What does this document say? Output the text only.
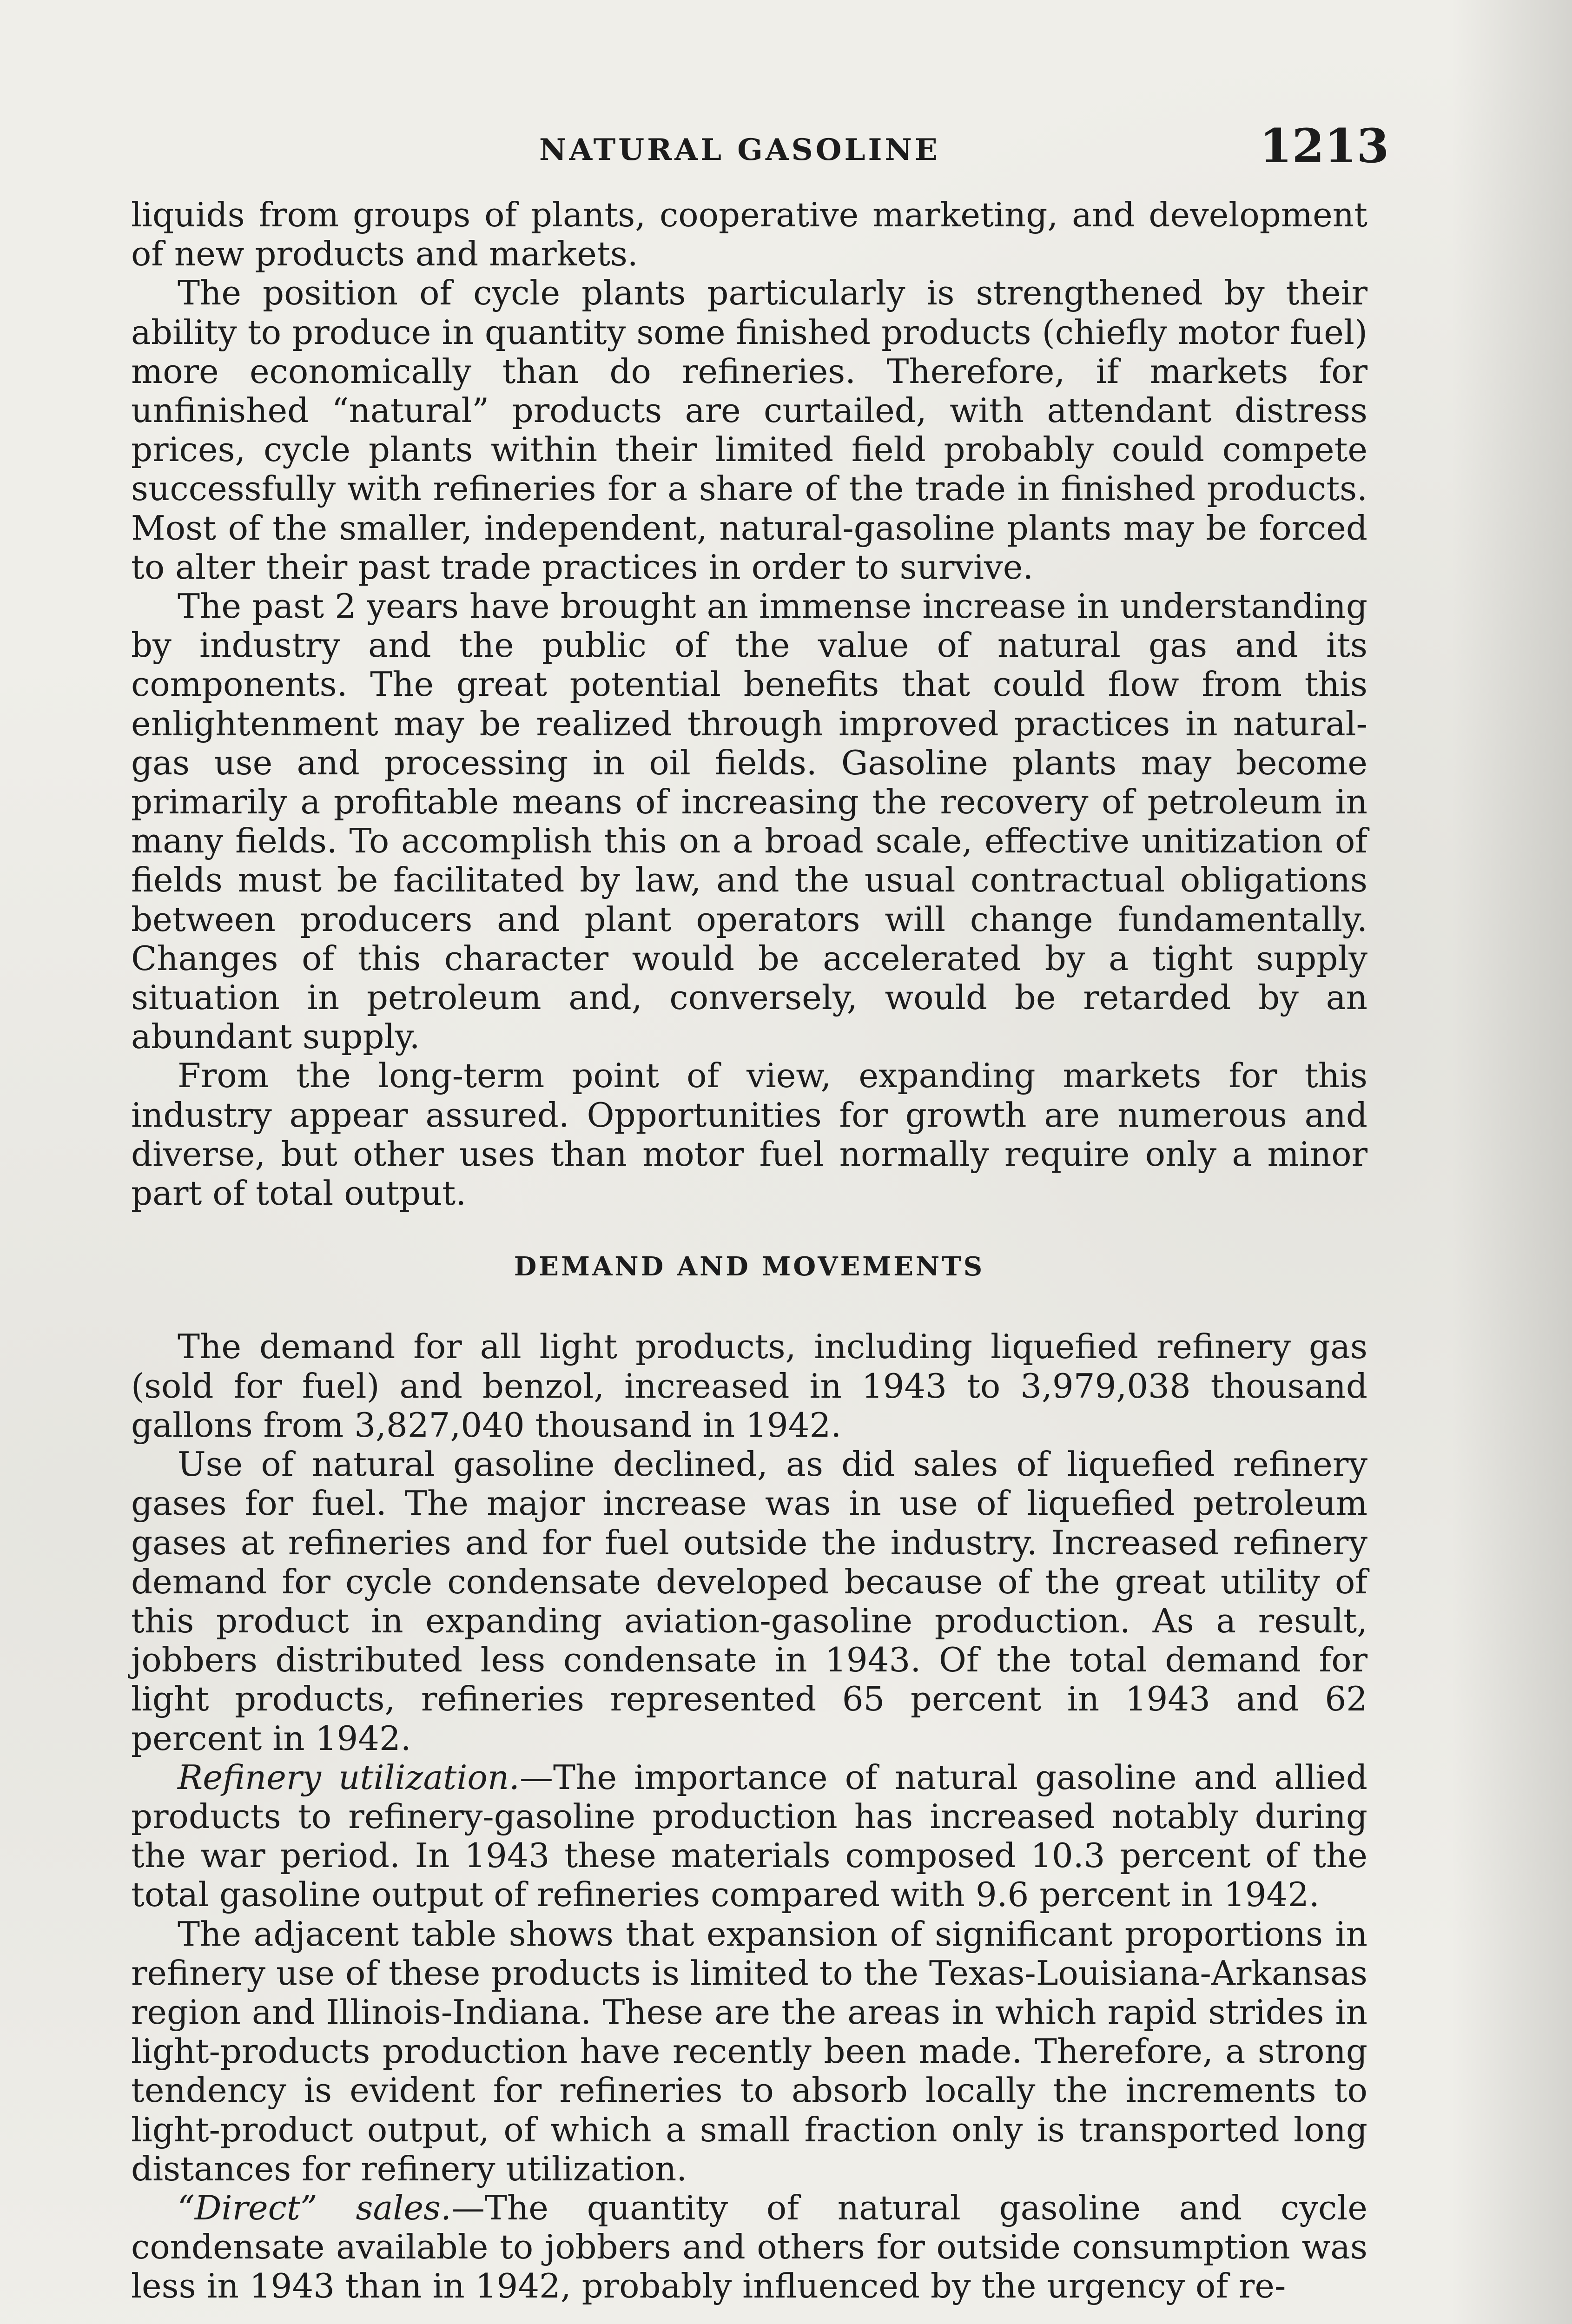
NATURAL GASOLINE	1213

liquids from groups of plants, cooperative marketing, and development of new products and markets.

The position of cycle plants particularly is strengthened by their ability to produce in quantity some finished products (chiefly motor fuel) more economically than do refineries. Therefore, if markets for unfinished “natural” products are curtailed, with attendant distress prices, cycle plants within their limited field probably could compete successfully with refineries for a share of the trade in finished products. Most of the smaller, independent, natural-gasoline plants may be forced to alter their past trade practices in order to survive.

The past 2 years have brought an immense increase in understanding by industry and the public of the value of natural gas and its components. The great potential benefits that could flow from this enlightenment may be realized through improved practices in natural-gas use and processing in oil fields. Gasoline plants may become primarily a profitable means of increasing the recovery of petroleum in many fields. To accomplish this on a broad scale, effective unitization of fields must be facilitated by law, and the usual contractual obligations between producers and plant operators will change fundamentally. Changes of this character would be accelerated by a tight supply situation in petroleum and, conversely, would be retarded by an abundant supply.

From the long-term point of view, expanding markets for this industry appear assured. Opportunities for growth are numerous and diverse, but other uses than motor fuel normally require only a minor part of total output.

DEMAND AND MOVEMENTS

The demand for all light products, including liquefied refinery gas (sold for fuel) and benzol, increased in 1943 to 3,979,038 thousand gallons from 3,827,040 thousand in 1942.

Use of natural gasoline declined, as did sales of liquefied refinery gases for fuel. The major increase was in use of liquefied petroleum gases at refineries and for fuel outside the industry. Increased refinery demand for cycle condensate developed because of the great utility of this product in expanding aviation-gasoline production. As a result, jobbers distributed less condensate in 1943. Of the total demand for light products, refineries represented 65 percent in 1943 and 62 percent in 1942.

Refinery utilization.—The importance of natural gasoline and allied products to refinery-gasoline production has increased notably during the war period. In 1943 these materials composed 10.3 percent of the total gasoline output of refineries compared with 9.6 percent in 1942.

The adjacent table shows that expansion of significant proportions in refinery use of these products is limited to the Texas-Louisiana-Arkansas region and Illinois-Indiana. These are the areas in which rapid strides in light-products production have recently been made. Therefore, a strong tendency is evident for refineries to absorb locally the increments to light-product output, of which a small fraction only is transported long distances for refinery utilization.

“Direct” sales.—The quantity of natural gasoline and cycle condensate available to jobbers and others for outside consumption was less in 1943 than in 1942, probably influenced by the urgency of re-
